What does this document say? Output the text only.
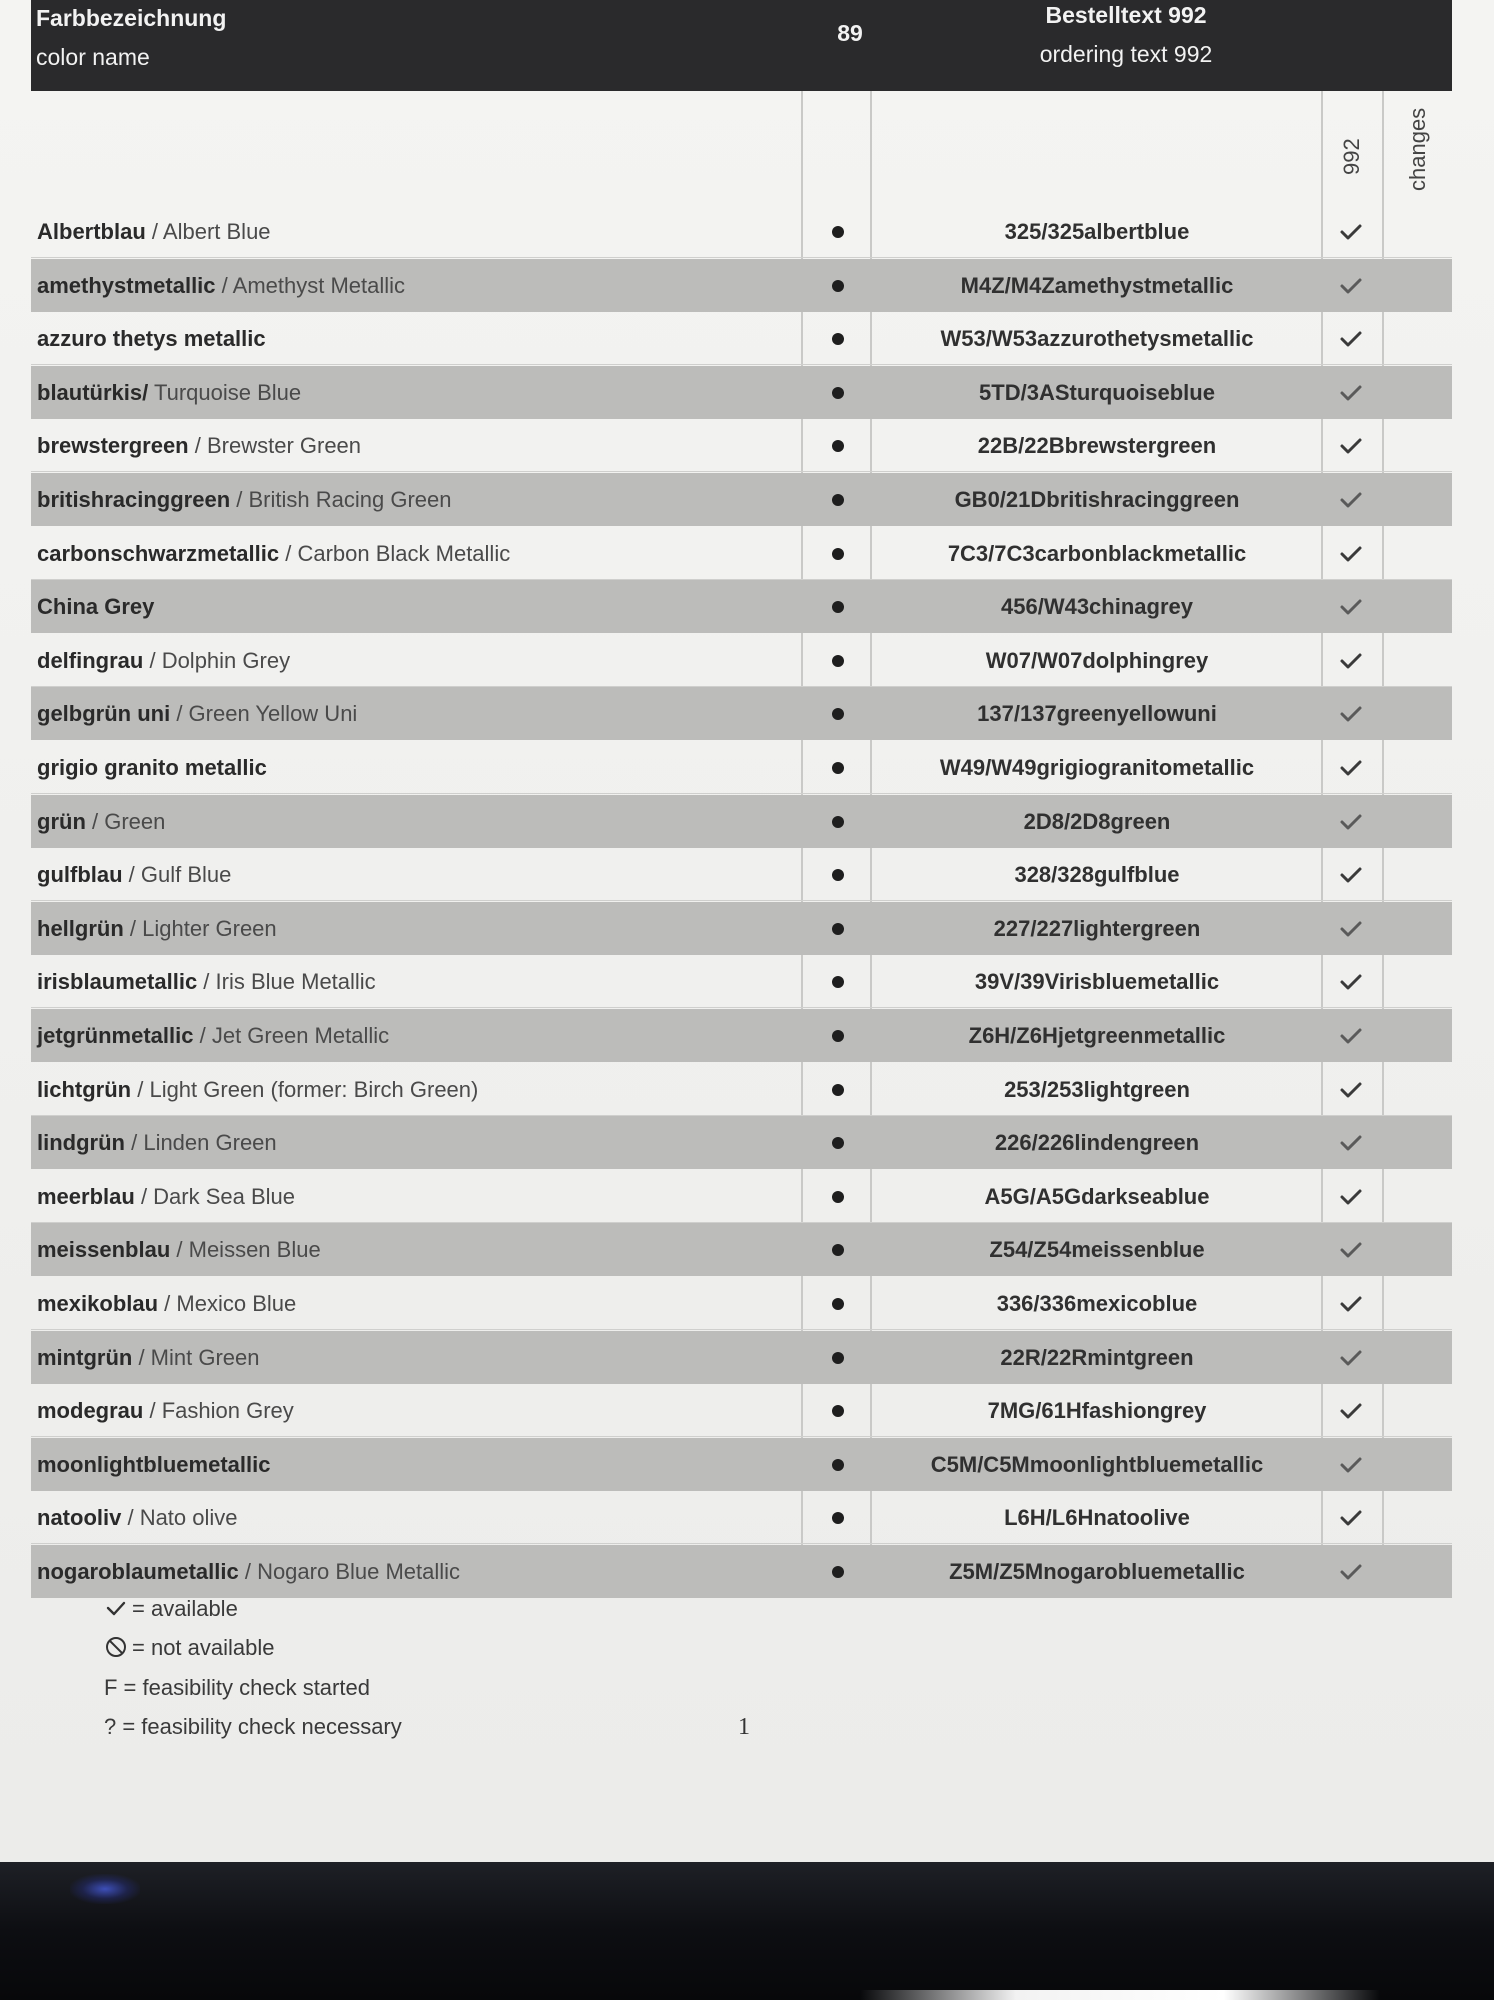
Farbbezeichnung
color name
89
Bestelltext 992
ordering text 992
992 changes
Albertblau / Albert Blue	325/325albertblue
amethystmetallic / Amethyst Metallic	M4Z/M4Zamethystmetallic
azzuro thetys metallic	W53/W53azzurothetysmetallic
blautürkis/ Turquoise Blue	5TD/3ASturquoiseblue
brewstergreen / Brewster Green	22B/22Bbrewstergreen
britishracinggreen / British Racing Green	GB0/21Dbritishracinggreen
carbonschwarzmetallic / Carbon Black Metallic	7C3/7C3carbonblackmetallic
China Grey	456/W43chinagrey
delfingrau / Dolphin Grey	W07/W07dolphingrey
gelbgrün uni / Green Yellow Uni	137/137greenyellowuni
grigio granito metallic	W49/W49grigiogranitometallic
grün / Green	2D8/2D8green
gulfblau / Gulf Blue	328/328gulfblue
hellgrün / Lighter Green	227/227lightergreen
irisblaumetallic / Iris Blue Metallic	39V/39Virisbluemetallic
jetgrünmetallic / Jet Green Metallic	Z6H/Z6Hjetgreenmetallic
lichtgrün / Light Green (former: Birch Green)	253/253lightgreen
lindgrün / Linden Green	226/226lindengreen
meerblau / Dark Sea Blue	A5G/A5Gdarkseablue
meissenblau / Meissen Blue	Z54/Z54meissenblue
mexikoblau / Mexico Blue	336/336mexicoblue
mintgrün / Mint Green	22R/22Rmintgreen
modegrau / Fashion Grey	7MG/61Hfashiongrey
moonlightbluemetallic	C5M/C5Mmoonlightbluemetallic
natooliv / Nato olive	L6H/L6Hnatoolive
nogaroblaumetallic / Nogaro Blue Metallic	Z5M/Z5Mnogarobluemetallic
= available
= not available
F = feasibility check started
? = feasibility check necessary	1
